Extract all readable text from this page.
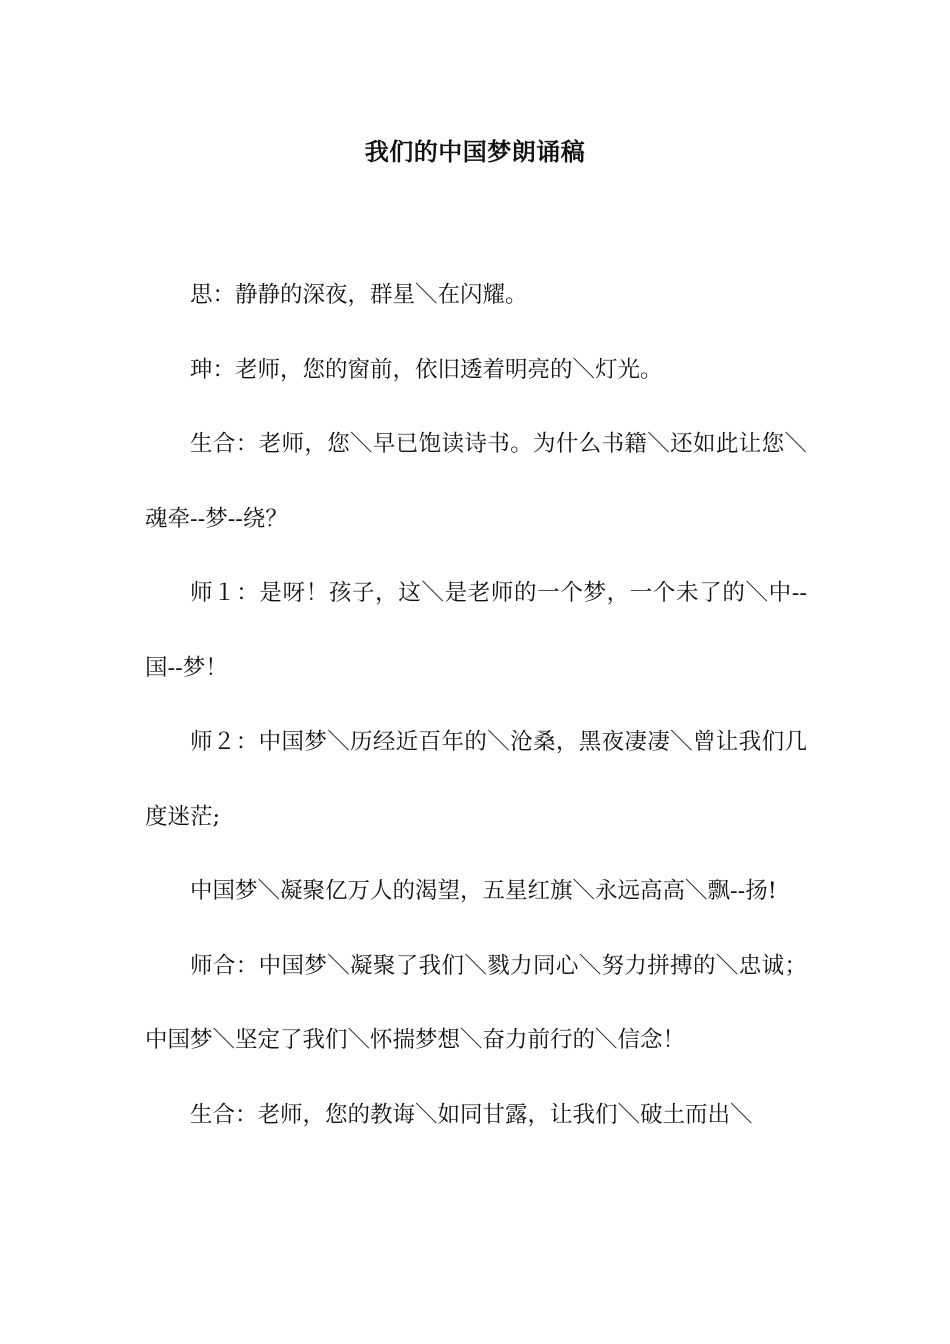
我们的中国梦朗诵稿

思：静静的深夜，群星＼在闪耀。

珅：老师，您的窗前，依旧透着明亮的＼灯光。

生合：老师，您＼早已饱读诗书。为什么书籍＼还如此让您＼魂牵--梦--绕？

师１：是呀！孩子，这＼是老师的一个梦，一个未了的＼中--国--梦！

师２：中国梦＼历经近百年的＼沧桑，黑夜凄凄＼曾让我们几度迷茫;

中国梦＼凝聚亿万人的渴望，五星红旗＼永远高高＼飘--扬!

师合：中国梦＼凝聚了我们＼戮力同心＼努力拼搏的＼忠诚；中国梦＼坚定了我们＼怀揣梦想＼奋力前行的＼信念！

生合：老师，您的教诲＼如同甘露，让我们＼破土而出＼
